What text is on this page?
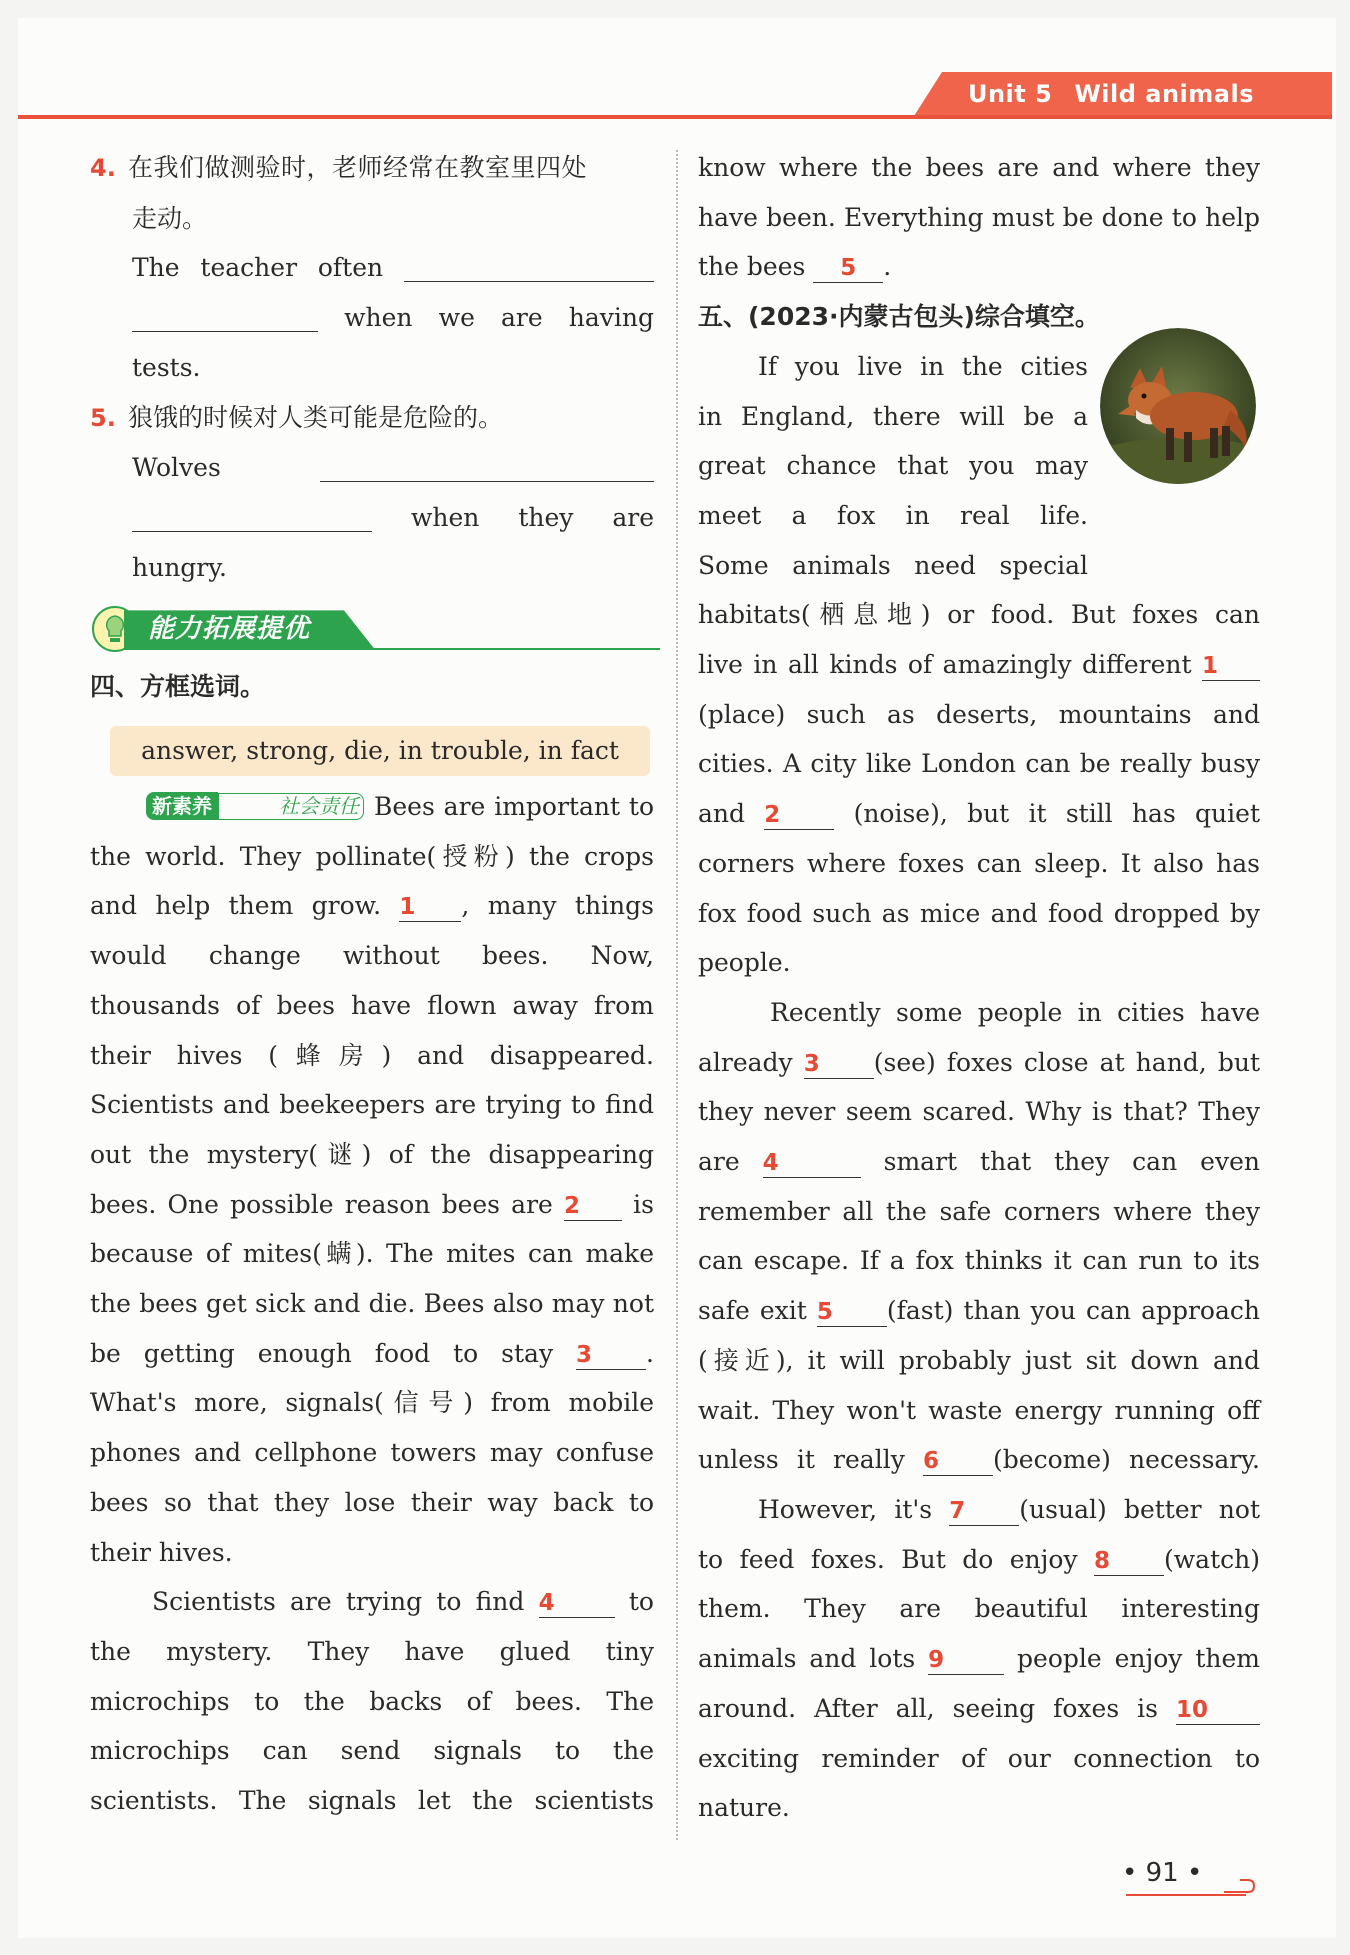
Unit 5 Wild animals
4. 在我们做测验时，老师经常在教室里四处
走动。
The teacher often
when we are having
tests.
5. 狼饿的时候对人类可能是危险的。
Wolves
when they are
hungry.
能力拓展提优
四、方框选词。
answer, strong, die, in trouble, in fact
新素养	社会责任 Bees are important to
the world. They pollinate(授粉) the crops
and help them grow. 1 , many things
would change without bees. Now,
thousands of bees have flown away from
their hives (蜂房) and disappeared.
Scientists and beekeepers are trying to find
out the mystery(谜) of the disappearing
bees. One possible reason bees are 2 is
because of mites(螨). The mites can make
the bees get sick and die. Bees also may not
be getting enough food to stay 3 .
What's more, signals(信号) from mobile
phones and cellphone towers may confuse
bees so that they lose their way back to
their hives.
Scientists are trying to find 4	to
the mystery. They have glued tiny
microchips to the backs of bees. The
microchips can send signals to the
scientists. The signals let the scientists
know where the bees are and where they
have been. Everything must be done to help
the bees 5 .
五、(2023·内蒙古包头)综合填空。
If you live in the cities
in England, there will be a
great chance that you may
meet a fox in real life.
Some animals need special
habitats(栖息地) or food. But foxes can
live in all kinds of amazingly different 1
(place) such as deserts, mountains and
cities. A city like London can be really busy
and 2	(noise), but it still has quiet
corners where foxes can sleep. It also has
fox food such as mice and food dropped by
people.
Recently some people in cities have
already 3 (see) foxes close at hand, but
they never seem scared. Why is that? They
are 4	smart that they can even
remember all the safe corners where they
can escape. If a fox thinks it can run to its
safe exit 5 (fast) than you can approach
(接近), it will probably just sit down and
wait. They won't waste energy running off
unless it really 6 (become) necessary.
However, it's 7 (usual) better not
to feed foxes. But do enjoy 8 (watch)
them. They are beautiful interesting
animals and lots 9	people enjoy them
around. After all, seeing foxes is 10
exciting reminder of our connection to
nature.
• 91 •
